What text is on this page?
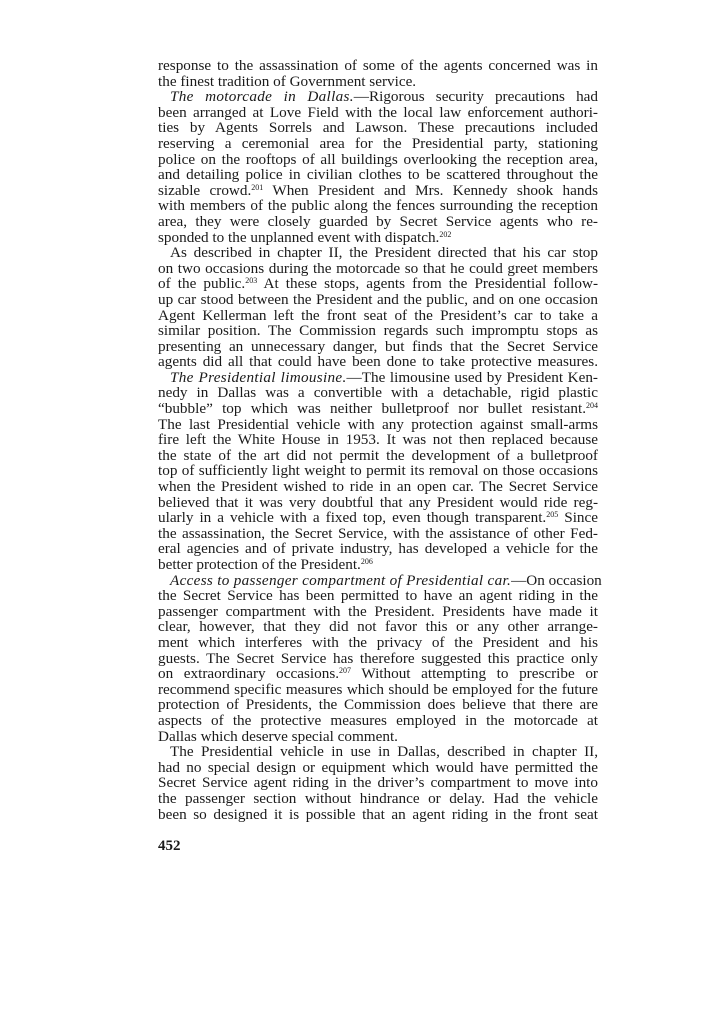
response to the assassination of some of the agents concerned was in
the finest tradition of Government service.
The motorcade in Dallas.—Rigorous security precautions had
been arranged at Love Field with the local law enforcement authori-
ties by Agents Sorrels and Lawson. These precautions included
reserving a ceremonial area for the Presidential party, stationing
police on the rooftops of all buildings overlooking the reception area,
and detailing police in civilian clothes to be scattered throughout the
sizable crowd.$^{201}$ When President and Mrs. Kennedy shook hands
with members of the public along the fences surrounding the reception
area, they were closely guarded by Secret Service agents who re-
sponded to the unplanned event with dispatch.$^{202}$
As described in chapter II, the President directed that his car stop
on two occasions during the motorcade so that he could greet members
of the public.$^{203}$ At these stops, agents from the Presidential follow-
up car stood between the President and the public, and on one occasion
Agent Kellerman left the front seat of the President’s car to take a
similar position. The Commission regards such impromptu stops as
presenting an unnecessary danger, but finds that the Secret Service
agents did all that could have been done to take protective measures.
The Presidential limousine.—The limousine used by President Ken-
nedy in Dallas was a convertible with a detachable, rigid plastic
“bubble” top which was neither bulletproof nor bullet resistant.$^{204}$
The last Presidential vehicle with any protection against small-arms
fire left the White House in 1953. It was not then replaced because
the state of the art did not permit the development of a bulletproof
top of sufficiently light weight to permit its removal on those occasions
when the President wished to ride in an open car. The Secret Service
believed that it was very doubtful that any President would ride reg-
ularly in a vehicle with a fixed top, even though transparent.$^{205}$ Since
the assassination, the Secret Service, with the assistance of other Fed-
eral agencies and of private industry, has developed a vehicle for the
better protection of the President.$^{206}$
Access to passenger compartment of Presidential car.—On occasion
the Secret Service has been permitted to have an agent riding in the
passenger compartment with the President. Presidents have made it
clear, however, that they did not favor this or any other arrange-
ment which interferes with the privacy of the President and his
guests. The Secret Service has therefore suggested this practice only
on extraordinary occasions.$^{207}$ Without attempting to prescribe or
recommend specific measures which should be employed for the future
protection of Presidents, the Commission does believe that there are
aspects of the protective measures employed in the motorcade at
Dallas which deserve special comment.
The Presidential vehicle in use in Dallas, described in chapter II,
had no special design or equipment which would have permitted the
Secret Service agent riding in the driver’s compartment to move into
the passenger section without hindrance or delay. Had the vehicle
been so designed it is possible that an agent riding in the front seat
452
